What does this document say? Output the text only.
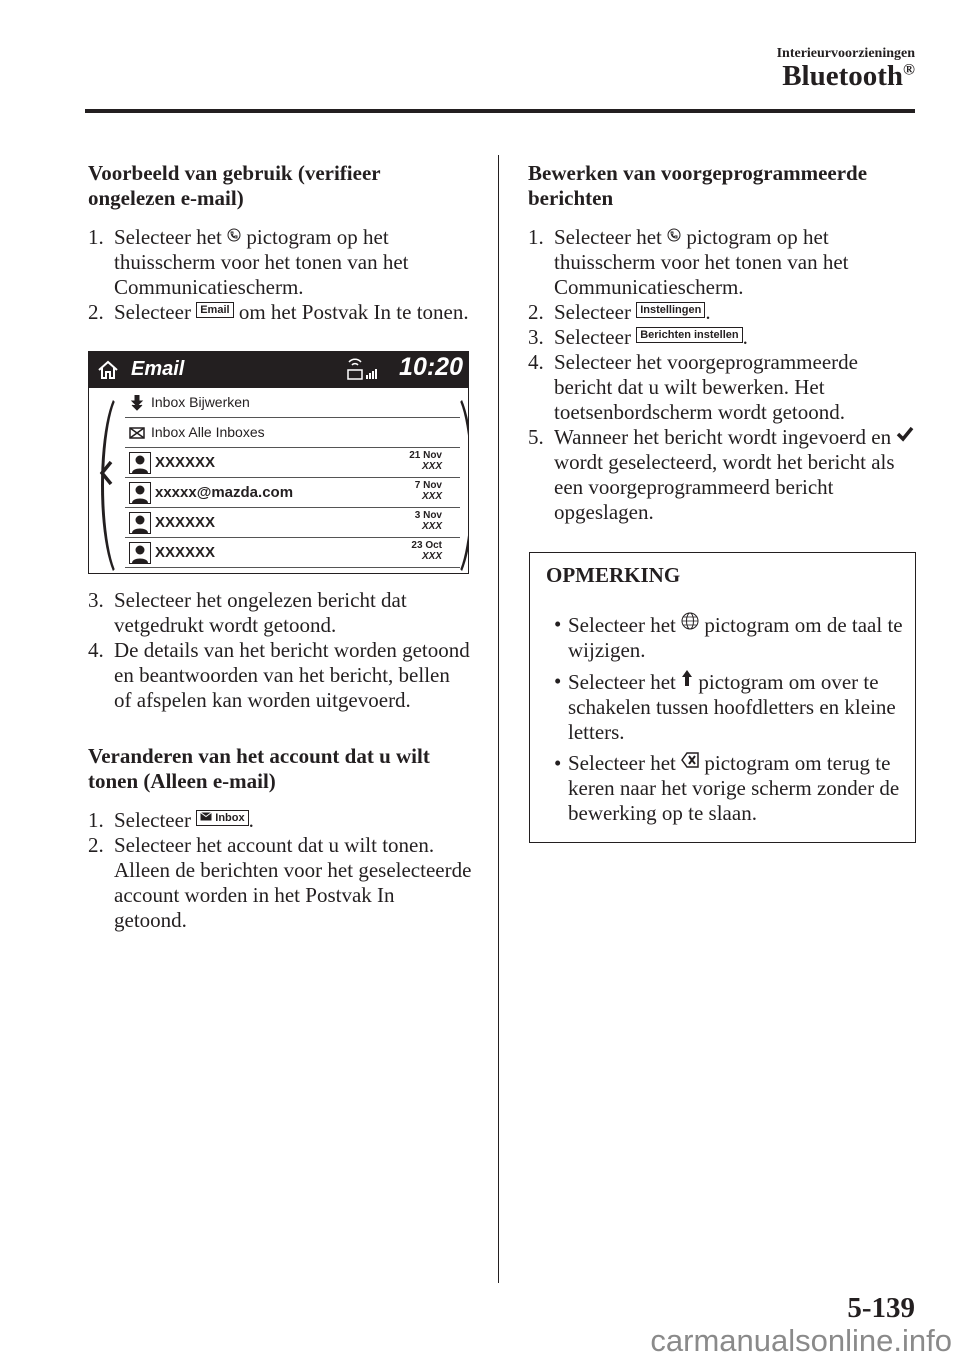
Interieurvoorzieningen
Bluetooth®
Voorbeeld van gebruik (verifieer ongelezen e-mail)
1. Selecteer het pictogram op het thuisscherm voor het tonen van het Communicatiescherm.
2. Selecteer Email om het Postvak In te tonen.
Email	10:20
Inbox Bijwerken
Inbox Alle Inboxes
XXXXXX	21 Nov
XXX
xxxxx@mazda.com	7 Nov
XXX
XXXXXX	3 Nov
XXX
XXXXXX	23 Oct
XXX
3. Selecteer het ongelezen bericht dat vetgedrukt wordt getoond.
4. De details van het bericht worden getoond en beantwoorden van het bericht, bellen of afspelen kan worden uitgevoerd.
Veranderen van het account dat u wilt tonen (Alleen e-mail)
1. Selecteer Inbox .
2. Selecteer het account dat u wilt tonen. Alleen de berichten voor het geselecteerde account worden in het Postvak In getoond.
Bewerken van voorgeprogrammeerde berichten
1. Selecteer het pictogram op het thuisscherm voor het tonen van het Communicatiescherm.
2. Selecteer Instellingen .
3. Selecteer Berichten instellen .
4. Selecteer het voorgeprogrammeerde bericht dat u wilt bewerken. Het toetsenbordscherm wordt getoond.
5. Wanneer het bericht wordt ingevoerd en  wordt geselecteerd, wordt het bericht als een voorgeprogrammeerd bericht opgeslagen.
OPMERKING
• Selecteer het pictogram om de taal te wijzigen.
• Selecteer het pictogram om over te schakelen tussen hoofdletters en kleine letters.
• Selecteer het pictogram om terug te keren naar het vorige scherm zonder de bewerking op te slaan.
5-139
carmanualsonline.info
